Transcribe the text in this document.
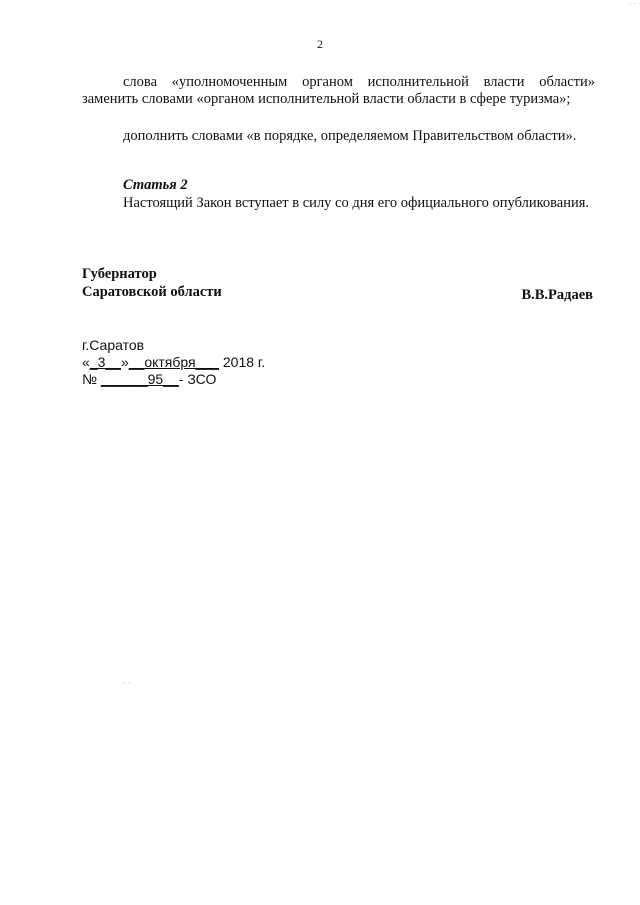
· · ·
2

слова «уполномоченным органом исполнительной власти области» заменить словами «органом исполнительной власти области в сфере туризма»;

дополнить словами «в порядке, определяемом Правительством области».

Статья 2

Настоящий Закон вступает в силу со дня его официального опубликования.

Губернатор
Саратовской области	В.В.Радаев
г.Саратов
«_3__»__октября___ 2018 г.
№ ______95__- ЗСО
· ·
